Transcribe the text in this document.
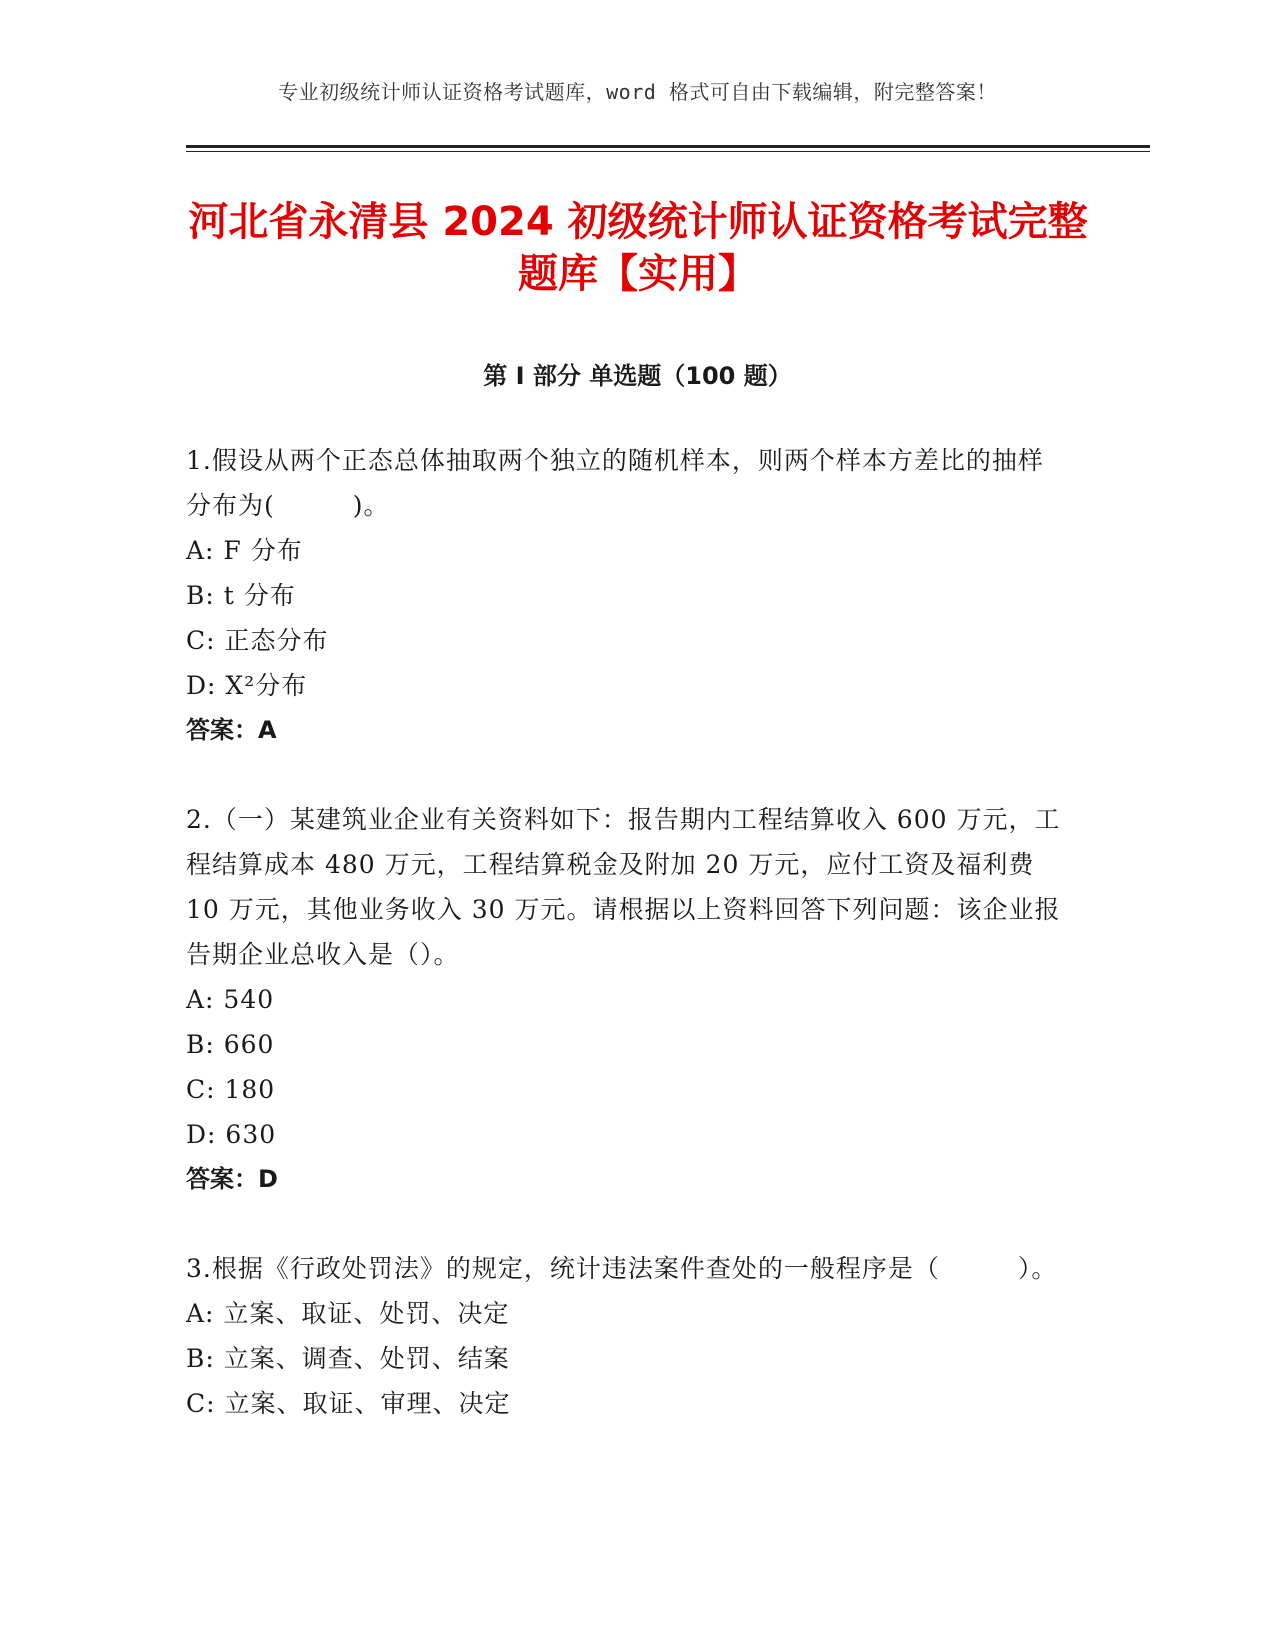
专业初级统计师认证资格考试题库，word 格式可自由下载编辑，附完整答案！
河北省永清县 2024 初级统计师认证资格考试完整题库【实用】
第 I 部分 单选题（100 题）

1.假设从两个正态总体抽取两个独立的随机样本，则两个样本方差比的抽样分布为(　　　)。

A: F 分布

B: t 分布

C: 正态分布

D: X²分布

答案：A

2.（一）某建筑业企业有关资料如下：报告期内工程结算收入 600 万元，工程结算成本 480 万元，工程结算税金及附加 20 万元，应付工资及福利费 10 万元，其他业务收入 30 万元。请根据以上资料回答下列问题：该企业报告期企业总收入是（）。

A: 540

B: 660

C: 180

D: 630

答案：D

3.根据《行政处罚法》的规定，统计违法案件查处的一般程序是（　　　）。

A: 立案、取证、处罚、决定

B: 立案、调查、处罚、结案

C: 立案、取证、审理、决定
